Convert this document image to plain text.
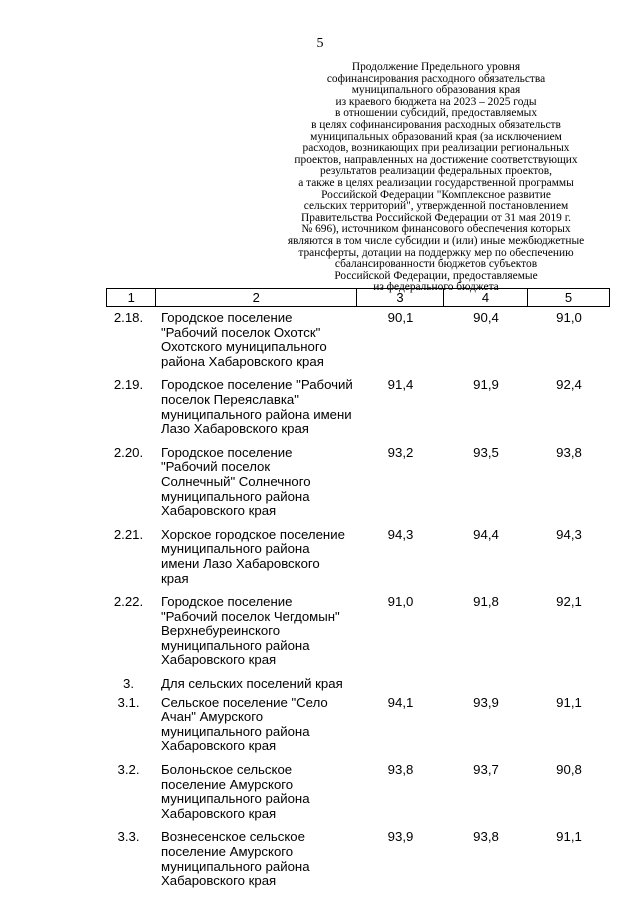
5
Продолжение Предельного уровня
софинансирования расходного обязательства
муниципального образования края
из краевого бюджета на 2023 – 2025 годы
в отношении субсидий, предоставляемых
в целях софинансирования расходных обязательств
муниципальных образований края (за исключением
расходов, возникающих при реализации региональных
проектов, направленных на достижение соответствующих
результатов реализации федеральных проектов,
а также в целях реализации государственной программы
Российской Федерации "Комплексное развитие
сельских территорий", утвержденной постановлением
Правительства Российской Федерации от 31 мая 2019 г.
№ 696), источником финансового обеспечения которых
являются в том числе субсидии и (или) иные межбюджетные
трансферты, дотации на поддержку мер по обеспечению
сбалансированности бюджетов субъектов
Российской Федерации, предоставляемые
из федерального бюджета
1	2	3	4	5
2.18.	Городское поселение
"Рабочий поселок Охотск"
Охотского муниципального
района Хабаровского края
90,1	90,4	91,0
2.19.	Городское поселение "Рабочий
поселок Переяславка"
муниципального района имени
Лазо Хабаровского края
91,4	91,9	92,4
2.20.	Городское поселение
"Рабочий поселок
Солнечный" Солнечного
муниципального района
Хабаровского края
93,2	93,5	93,8
2.21.	Хорское городское поселение
муниципального района
имени Лазо Хабаровского
края
94,3	94,4	94,3
2.22.	Городское поселение
"Рабочий поселок Чегдомын"
Верхнебуреинского
муниципального района
Хабаровского края
91,0	91,8	92,1
3.	Для сельских поселений края
3.1.	Сельское поселение "Село
Ачан" Амурского
муниципального района
Хабаровского края
94,1	93,9	91,1
3.2.	Болоньское сельское
поселение Амурского
муниципального района
Хабаровского края
93,8	93,7	90,8
3.3.	Вознесенское сельское
поселение Амурского
муниципального района
Хабаровского края
93,9	93,8	91,1
